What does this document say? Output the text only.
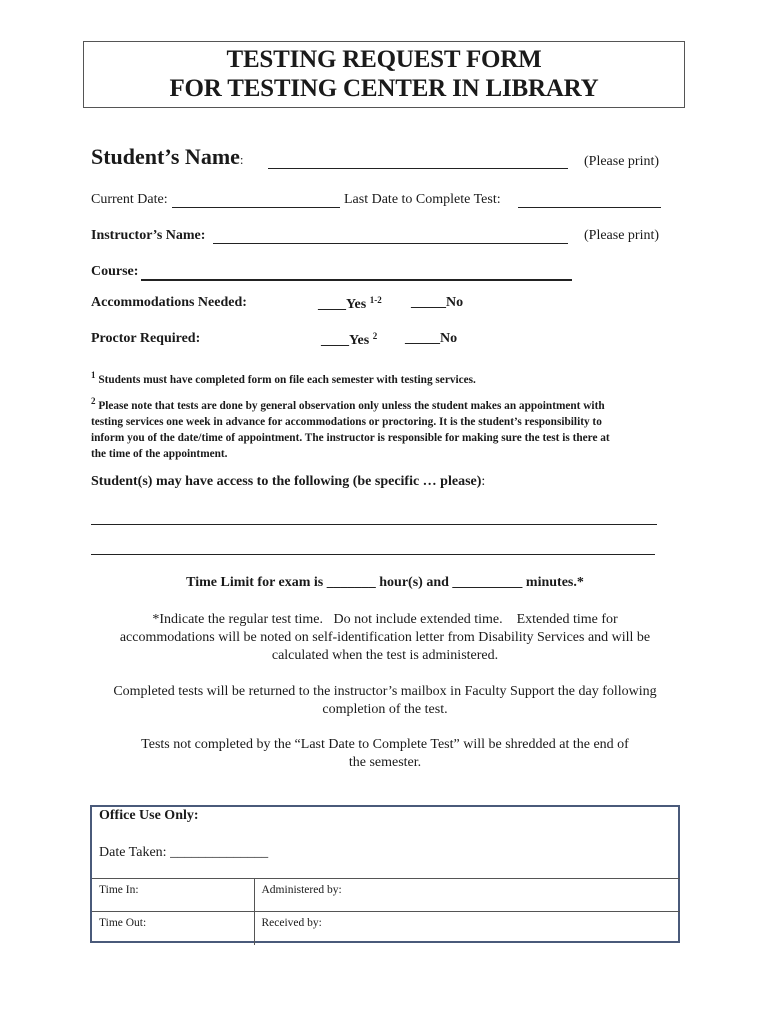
TESTING REQUEST FORM
FOR TESTING CENTER IN LIBRARY
Student’s Name:	(Please print)
Current Date:	Last Date to Complete Test:
Instructor’s Name:	(Please print)
Course:
Accommodations Needed:	____Yes $^{1-2}$ _____No
Proctor Required:	____Yes $^2$ _____No
$^1$ Students must have completed form on file each semester with testing services.
$^2$ Please note that tests are done by general observation only unless the student makes an appointment with
testing services one week in advance for accommodations or proctoring. It is the student’s responsibility to
inform you of the date/time of appointment. The instructor is responsible for making sure the test is there at
the time of the appointment.
Student(s) may have access to the following (be specific … please):
Time Limit for exam is _______ hour(s) and __________ minutes.*
*Indicate the regular test time.   Do not include extended time.    Extended time for
accommodations will be noted on self-identification letter from Disability Services and will be
calculated when the test is administered.
Completed tests will be returned to the instructor’s mailbox in Faculty Support the day following
completion of the test.
Tests not completed by the “Last Date to Complete Test” will be shredded at the end of
the semester.
Office Use Only:
Date Taken: ______________
Time In:	Administered by:
Time Out:	Received by:
